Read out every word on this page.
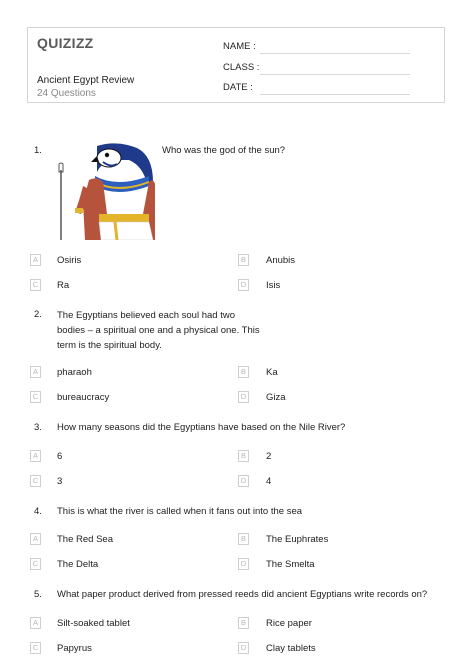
QUIZIZZ
Ancient Egypt Review
24 Questions
NAME :
CLASS :
DATE :
1.	Who was the god of the sun?
A	Osiris	B	Anubis
C Ra	D Isis
2. The Egyptians believed each soul had two
bodies – a spiritual one and a physical one. This
term is the spiritual body.
A	pharaoh	B	Ka
C bureaucracy	D Giza
3. How many seasons did the Egyptians have based on the Nile River?
A	6	B	2
C 3	D 4
4. This is what the river is called when it fans out into the sea
A	The Red Sea	B	The Euphrates
C The Delta	D The Smelta
5. What paper product derived from pressed reeds did ancient Egyptians write records on?
A	Silt-soaked tablet	B	Rice paper
C Papyrus	D Clay tablets
